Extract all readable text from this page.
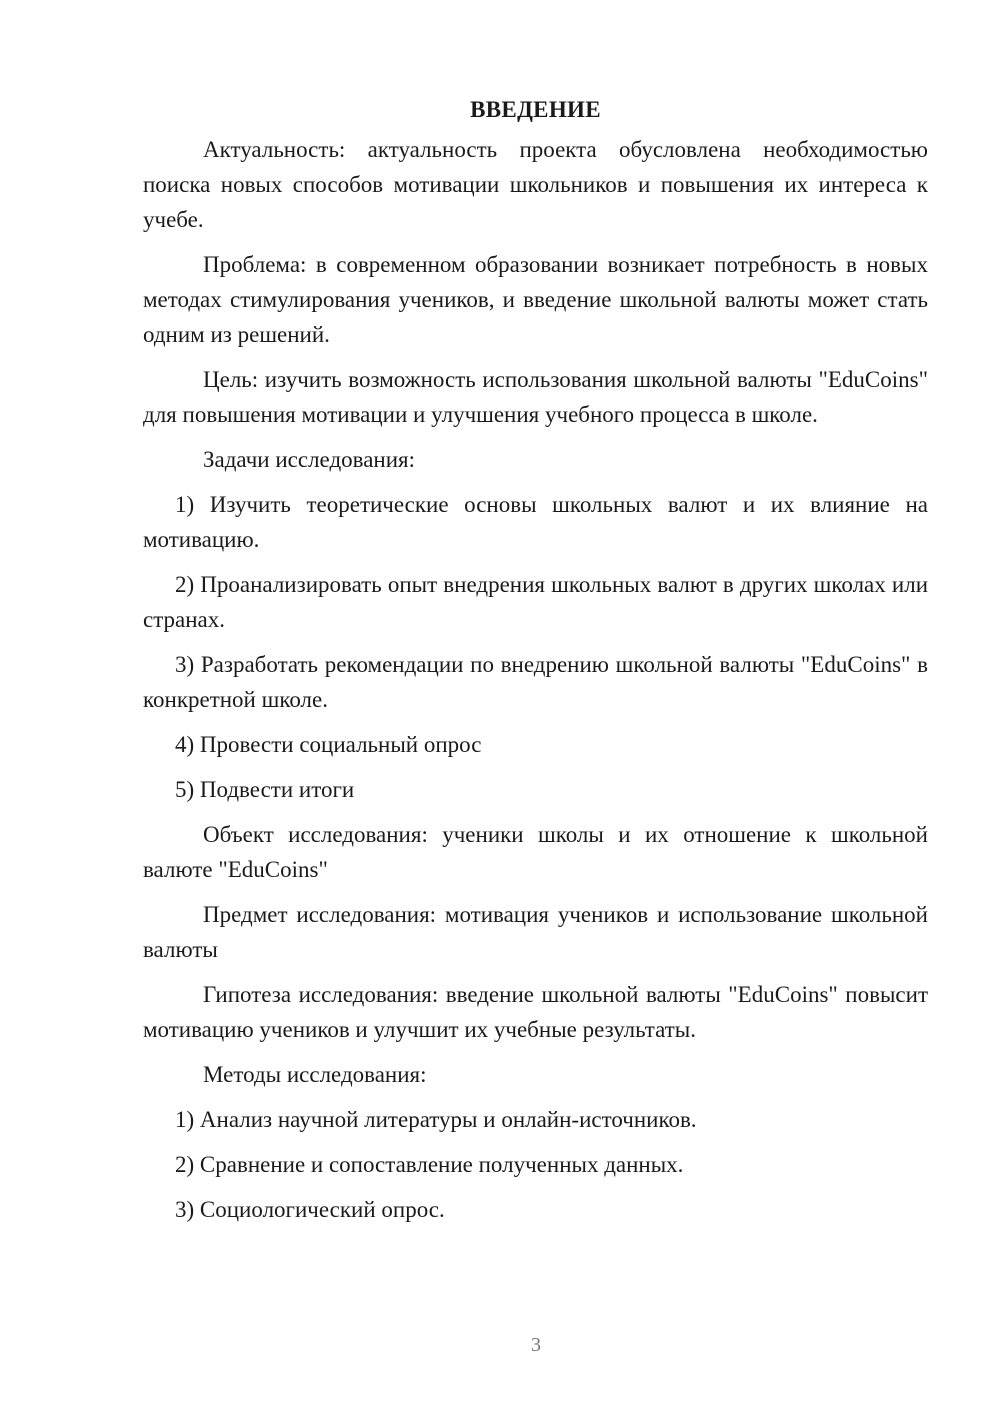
ВВЕДЕНИЕ

Актуальность: актуальность проекта обусловлена необходимостью поиска новых способов мотивации школьников и повышения их интереса к учебе.

Проблема: в современном образовании возникает потребность в новых методах стимулирования учеников, и введение школьной валюты может стать одним из решений.

Цель: изучить возможность использования школьной валюты "EduCoins" для повышения мотивации и улучшения учебного процесса в школе.

Задачи исследования:

1) Изучить теоретические основы школьных валют и их влияние на мотивацию.

2) Проанализировать опыт внедрения школьных валют в других школах или странах.

3) Разработать рекомендации по внедрению школьной валюты "EduCoins" в конкретной школе.

4) Провести социальный опрос

5) Подвести итоги

Объект исследования: ученики школы и их отношение к школьной валюте "EduCoins"

Предмет исследования: мотивация учеников и использование школьной валюты

Гипотеза исследования: введение школьной валюты "EduCoins" повысит мотивацию учеников и улучшит их учебные результаты.

Методы исследования:

1) Анализ научной литературы и онлайн-источников.

2) Сравнение и сопоставление полученных данных.

3) Социологический опрос.

3
